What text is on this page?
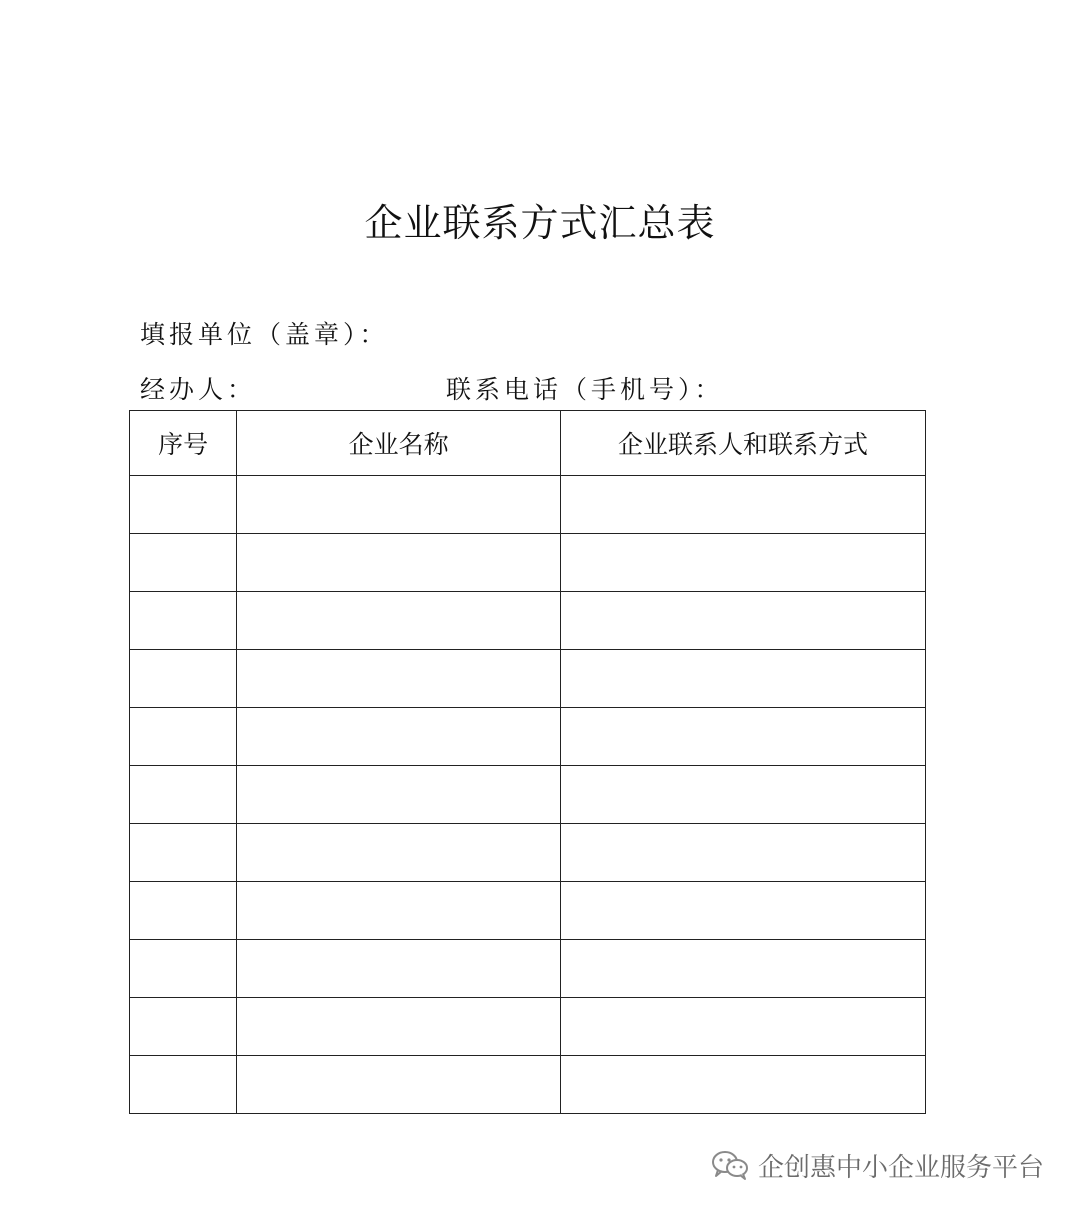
企业联系方式汇总表
填报单位（盖章）：
经办人：	联系电话（手机号）：
序号	企业名称	企业联系人和联系方式

企创惠中小企业服务平台
